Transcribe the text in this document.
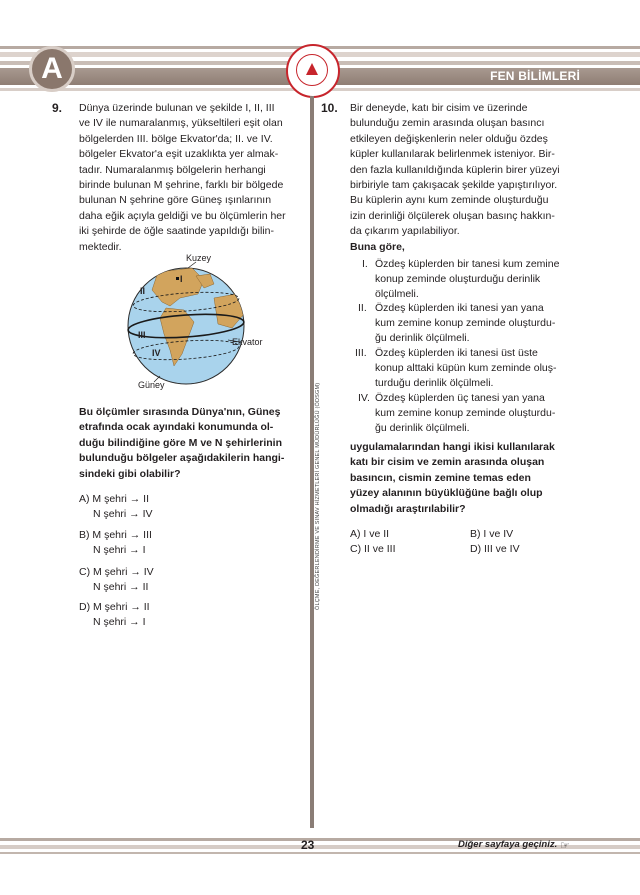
A	FEN BİLİMLERİ
ÖLÇME, DEĞERLENDİRME VE SINAV HİZMETLERİ GENEL MÜDÜRLÜĞÜ (ÖDSGM)
9. Dünya üzerinde bulunan ve şekilde I, II, III
ve IV ile numaralanmış, yükseltileri eşit olan
bölgelerden III. bölge Ekvator'da; II. ve IV.
bölgeler Ekvator'a eşit uzaklıkta yer almak-
tadır. Numaralanmış bölgelerin herhangi
birinde bulunan M şehrine, farklı bir bölgede
bulunan N şehrine göre Güneş ışınlarının
daha eğik açıyla geldiği ve bu ölçümlerin her
iki şehirde de öğle saatinde yapıldığı bilin-
mektedir.
Kuzey
Ekvator
Güney
I
II
III
IV
Bu ölçümler sırasında Dünya'nın, Güneş
etrafında ocak ayındaki konumunda ol-
duğu bilindiğine göre M ve N şehirlerinin
bulunduğu bölgeler aşağıdakilerin hangi-
sindeki gibi olabilir?
A) M şehri → II
N şehri → IV
B) M şehri → III
N şehri → I
C) M şehri → IV
N şehri → II
D) M şehri → II
N şehri → I
10. Bir deneyde, katı bir cisim ve üzerinde
bulunduğu zemin arasında oluşan basıncı
etkileyen değişkenlerin neler olduğu özdeş
küpler kullanılarak belirlenmek isteniyor. Bir-
den fazla kullanıldığında küplerin birer yüzeyi
birbiriyle tam çakışacak şekilde yapıştırılıyor.
Bu küplerin aynı kum zeminde oluşturduğu
izin derinliği ölçülerek oluşan basınç hakkın-
da çıkarım yapılabiliyor.
Buna göre,
I. Özdeş küplerden bir tanesi kum zemine
konup zeminde oluşturduğu derinlik
ölçülmeli.
II. Özdeş küplerden iki tanesi yan yana
kum zemine konup zeminde oluşturdu-
ğu derinlik ölçülmeli.
III. Özdeş küplerden iki tanesi üst üste
konup alttaki küpün kum zeminde oluş-
turduğu derinlik ölçülmeli.
IV. Özdeş küplerden üç tanesi yan yana
kum zemine konup zeminde oluşturdu-
ğu derinlik ölçülmeli.
uygulamalarından hangi ikisi kullanılarak
katı bir cisim ve zemin arasında oluşan
basıncın, cismin zemine temas eden
yüzey alanının büyüklüğüne bağlı olup
olmadığı araştırılabilir?
A) I ve II	B) I ve IV
C) II ve III	D) III ve IV
23	Diğer sayfaya geçiniz. ☞
